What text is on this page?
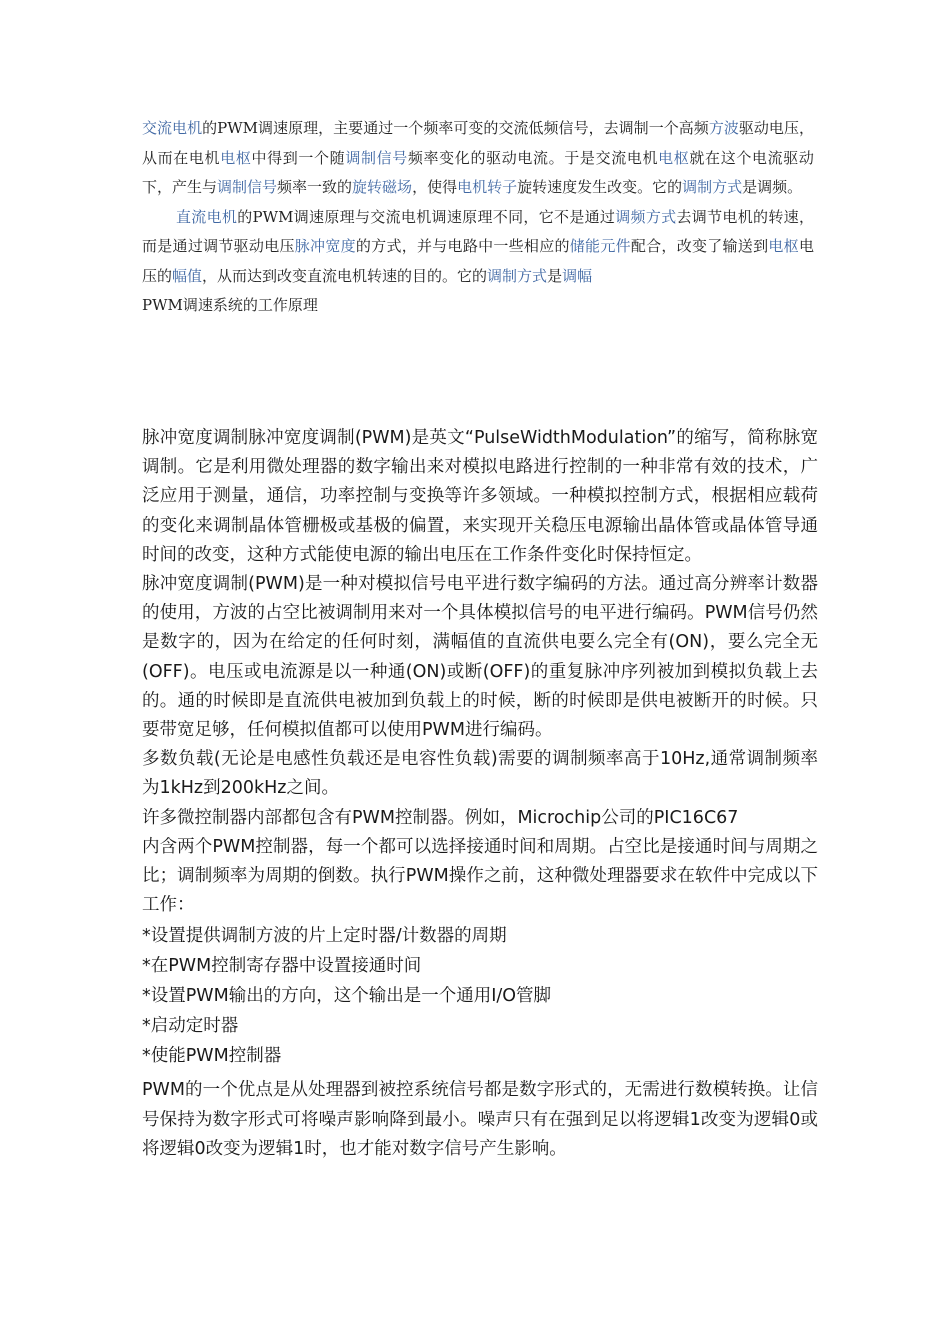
交流电机的PWM调速原理，主要通过一个频率可变的交流低频信号，去调制一个高频方波驱动电压，从而在电机电枢中得到一个随调制信号频率变化的驱动电流。于是交流电机电枢就在这个电流驱动下，产生与调制信号频率一致的旋转磁场，使得电机转子旋转速度发生改变。它的调制方式是调频。

直流电机的PWM调速原理与交流电机调速原理不同，它不是通过调频方式去调节电机的转速，而是通过调节驱动电压脉冲宽度的方式，并与电路中一些相应的储能元件配合，改变了输送到电枢电压的幅值，从而达到改变直流电机转速的目的。它的调制方式是调幅

PWM调速系统的工作原理

脉冲宽度调制脉冲宽度调制(PWM)是英文“PulseWidthModulation”的缩写，简称脉宽调制。它是利用微处理器的数字输出来对模拟电路进行控制的一种非常有效的技术，广泛应用于测量，通信，功率控制与变换等许多领域。一种模拟控制方式，根据相应载荷的变化来调制晶体管栅极或基极的偏置，来实现开关稳压电源输出晶体管或晶体管导通时间的改变，这种方式能使电源的输出电压在工作条件变化时保持恒定。

脉冲宽度调制(PWM)是一种对模拟信号电平进行数字编码的方法。通过高分辨率计数器的使用，方波的占空比被调制用来对一个具体模拟信号的电平进行编码。PWM信号仍然是数字的，因为在给定的任何时刻，满幅值的直流供电要么完全有(ON)，要么完全无(OFF)。电压或电流源是以一种通(ON)或断(OFF)的重复脉冲序列被加到模拟负载上去的。通的时候即是直流供电被加到负载上的时候，断的时候即是供电被断开的时候。只要带宽足够，任何模拟值都可以使用PWM进行编码。

多数负载(无论是电感性负载还是电容性负载)需要的调制频率高于10Hz,通常调制频率为1kHz到200kHz之间。

许多微控制器内部都包含有PWM控制器。例如，Microchip公司的PIC16C67
内含两个PWM控制器，每一个都可以选择接通时间和周期。占空比是接通时间与周期之比；调制频率为周期的倒数。执行PWM操作之前，这种微处理器要求在软件中完成以下工作：

*设置提供调制方波的片上定时器/计数器的周期

*在PWM控制寄存器中设置接通时间

*设置PWM输出的方向，这个输出是一个通用I/O管脚

*启动定时器

*使能PWM控制器

PWM的一个优点是从处理器到被控系统信号都是数字形式的，无需进行数模转换。让信号保持为数字形式可将噪声影响降到最小。噪声只有在强到足以将逻辑1改变为逻辑0或将逻辑0改变为逻辑1时，也才能对数字信号产生影响。
